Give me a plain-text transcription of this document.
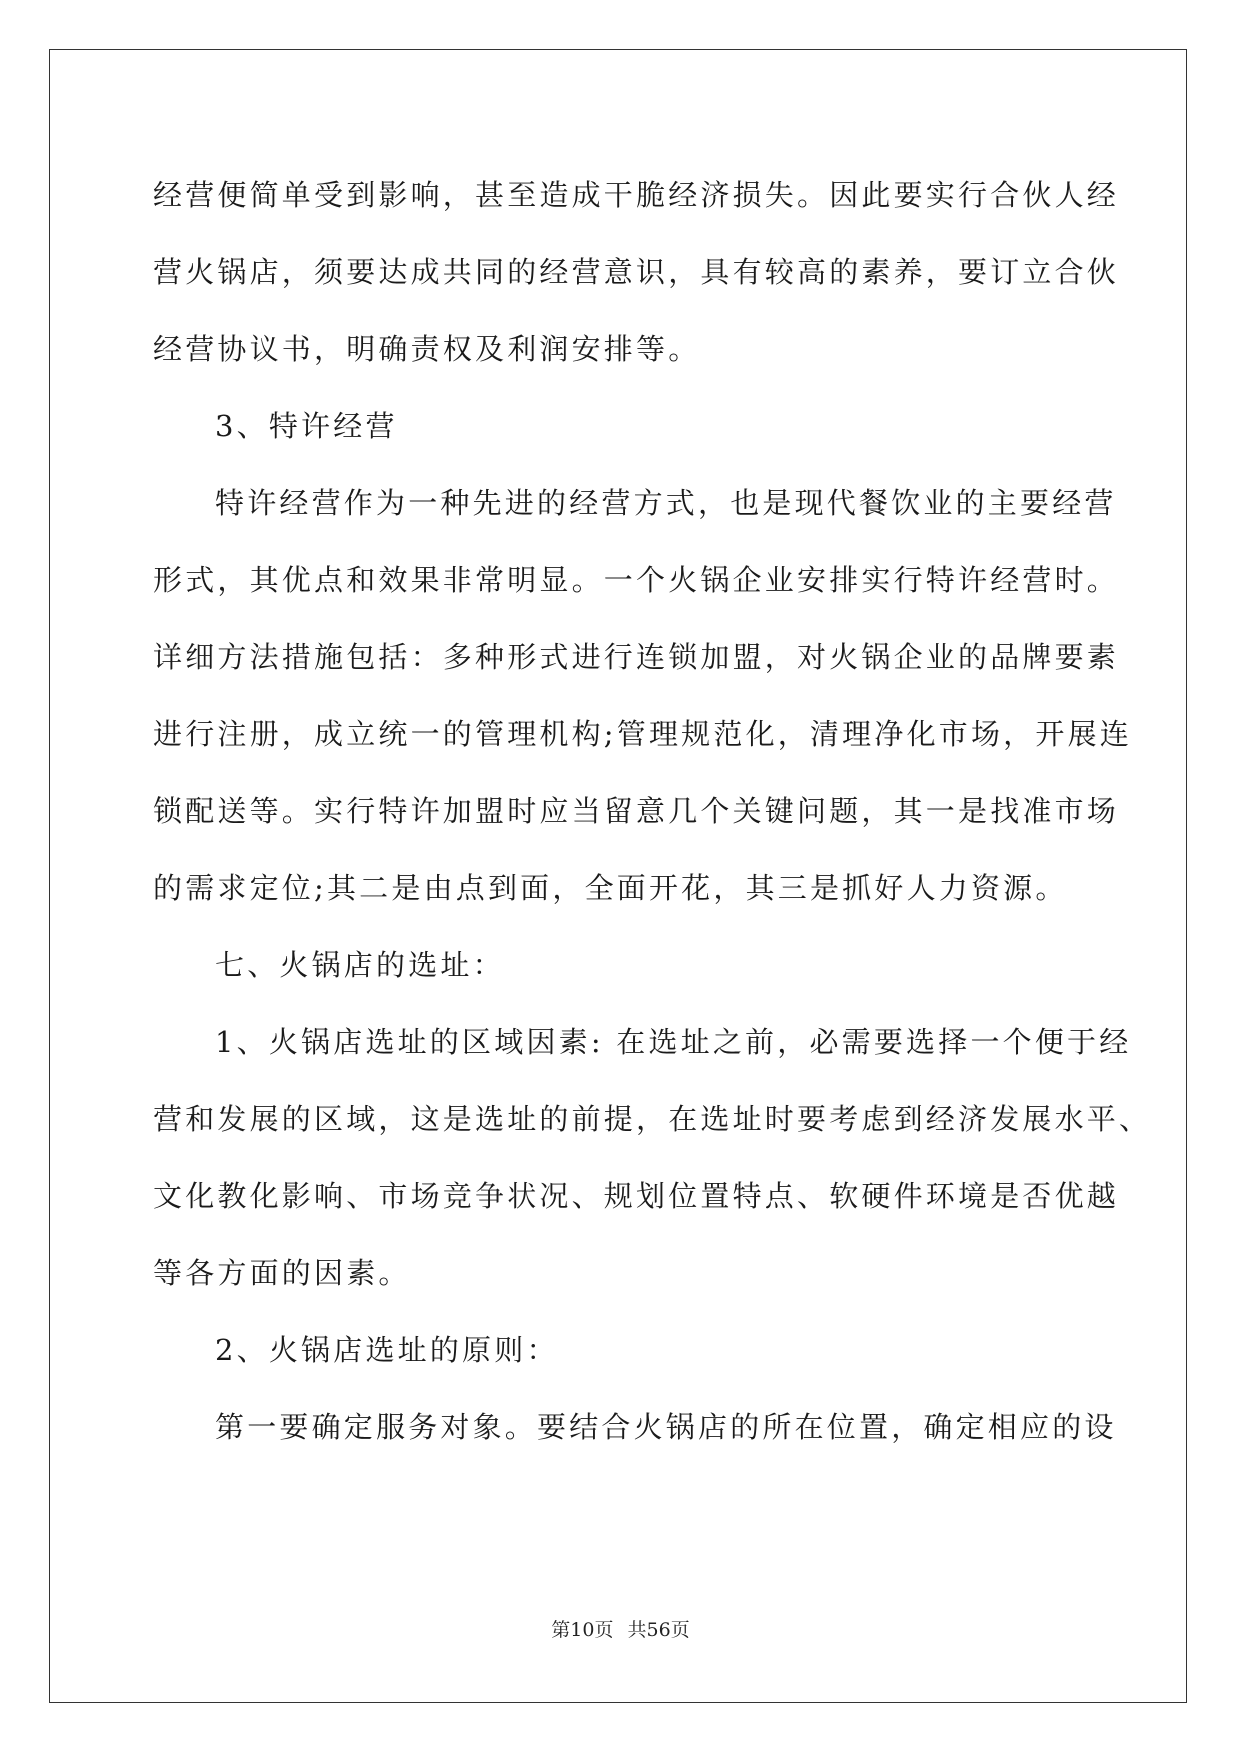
经营便简单受到影响，甚至造成干脆经济损失。因此要实行合伙人经
营火锅店，须要达成共同的经营意识，具有较高的素养，要订立合伙
经营协议书，明确责权及利润安排等。
3、特许经营
特许经营作为一种先进的经营方式，也是现代餐饮业的主要经营
形式，其优点和效果非常明显。一个火锅企业安排实行特许经营时。
详细方法措施包括：多种形式进行连锁加盟，对火锅企业的品牌要素
进行注册，成立统一的管理机构;管理规范化，清理净化市场，开展连
锁配送等。实行特许加盟时应当留意几个关键问题，其一是找准市场
的需求定位;其二是由点到面，全面开花，其三是抓好人力资源。
七、火锅店的选址：
1、火锅店选址的区域因素: 在选址之前，必需要选择一个便于经
营和发展的区域，这是选址的前提，在选址时要考虑到经济发展水平、
文化教化影响、市场竞争状况、规划位置特点、软硬件环境是否优越
等各方面的因素。
2、火锅店选址的原则：
第一要确定服务对象。要结合火锅店的所在位置，确定相应的设
第10页 共56页
